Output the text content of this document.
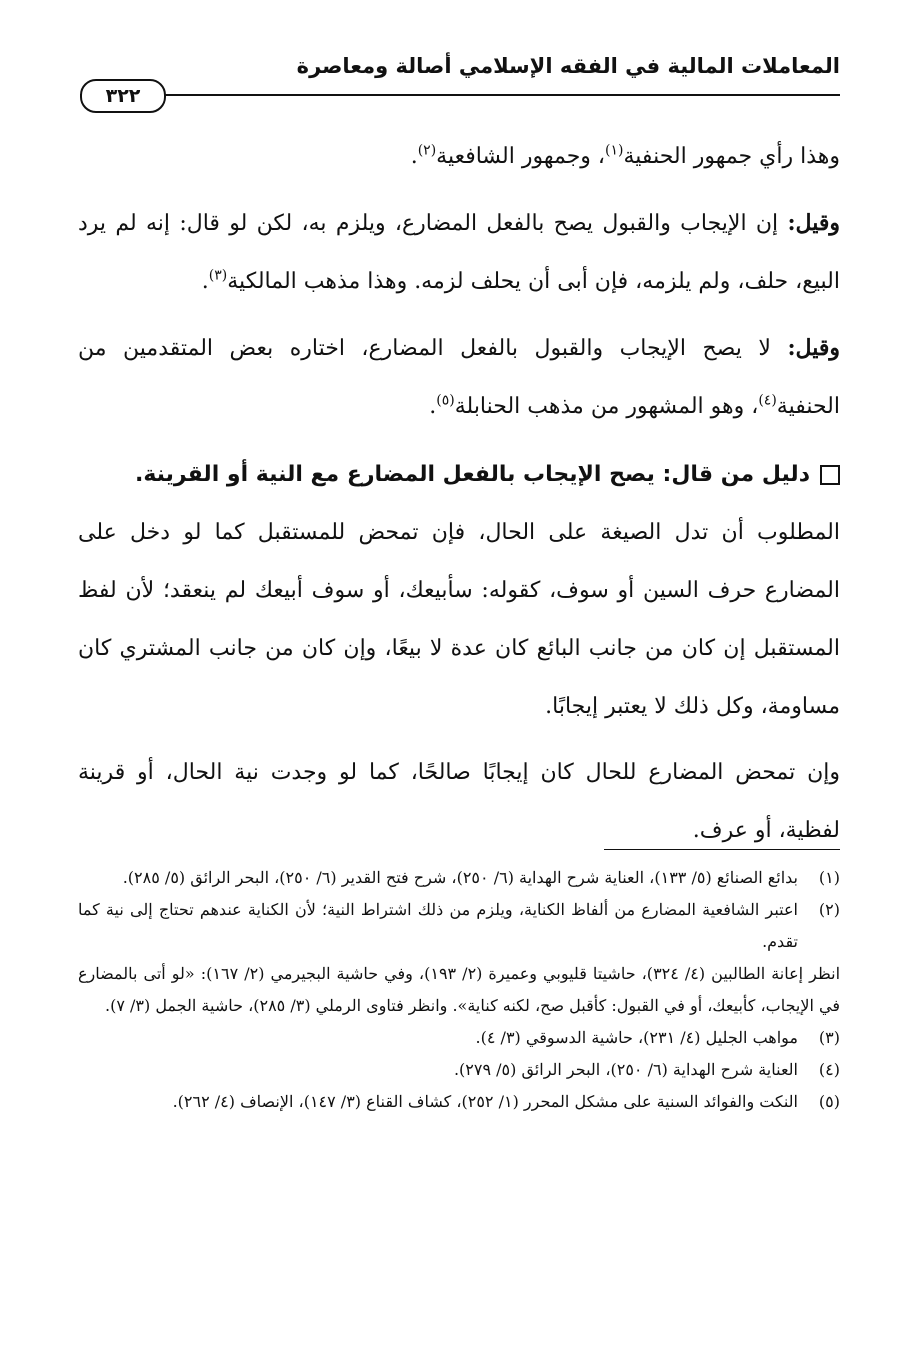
المعاملات المالية في الفقه الإسلامي أصالة ومعاصرة
٣٢٢

وهذا رأي جمهور الحنفية$^{(١)}$، وجمهور الشافعية$^{(٢)}$.

وقيل: إن الإيجاب والقبول يصح بالفعل المضارع، ويلزم به، لكن لو قال: إنه لم يرد البيع، حلف، ولم يلزمه، فإن أبى أن يحلف لزمه. وهذا مذهب المالكية$^{(٣)}$.

وقيل: لا يصح الإيجاب والقبول بالفعل المضارع، اختاره بعض المتقدمين من الحنفية$^{(٤)}$، وهو المشهور من مذهب الحنابلة$^{(٥)}$.

دليل من قال: يصح الإيجاب بالفعل المضارع مع النية أو القرينة.

المطلوب أن تدل الصيغة على الحال، فإن تمحض للمستقبل كما لو دخل على المضارع حرف السين أو سوف، كقوله: سأبيعك، أو سوف أبيعك لم ينعقد؛ لأن لفظ المستقبل إن كان من جانب البائع كان عدة لا بيعًا، وإن كان من جانب المشتري كان مساومة، وكل ذلك لا يعتبر إيجابًا.

وإن تمحض المضارع للحال كان إيجابًا صالحًا، كما لو وجدت نية الحال، أو قرينة لفظية، أو عرف.

(١)
بدائع الصنائع (٥/ ١٣٣)، العناية شرح الهداية (٦/ ٢٥٠)، شرح فتح القدير (٦/ ٢٥٠)، البحر الرائق (٥/ ٢٨٥).
(٢)
اعتبر الشافعية المضارع من ألفاظ الكناية، ويلزم من ذلك اشتراط النية؛ لأن الكناية عندهم تحتاج إلى نية كما تقدم.
انظر إعانة الطالبين (٤/ ٣٢٤)، حاشيتا قليوبي وعميرة (٢/ ١٩٣)، وفي حاشية البجيرمي (٢/ ١٦٧): «لو أتى بالمضارع في الإيجاب، كأبيعك، أو في القبول: كأقبل صح، لكنه كناية». وانظر فتاوى الرملي (٣/ ٢٨٥)، حاشية الجمل (٣/ ٧).
(٣)
مواهب الجليل (٤/ ٢٣١)، حاشية الدسوقي (٣/ ٤).
(٤)
العناية شرح الهداية (٦/ ٢٥٠)، البحر الرائق (٥/ ٢٧٩).
(٥)
النكت والفوائد السنية على مشكل المحرر (١/ ٢٥٢)، كشاف القناع (٣/ ١٤٧)، الإنصاف (٤/ ٢٦٢).
